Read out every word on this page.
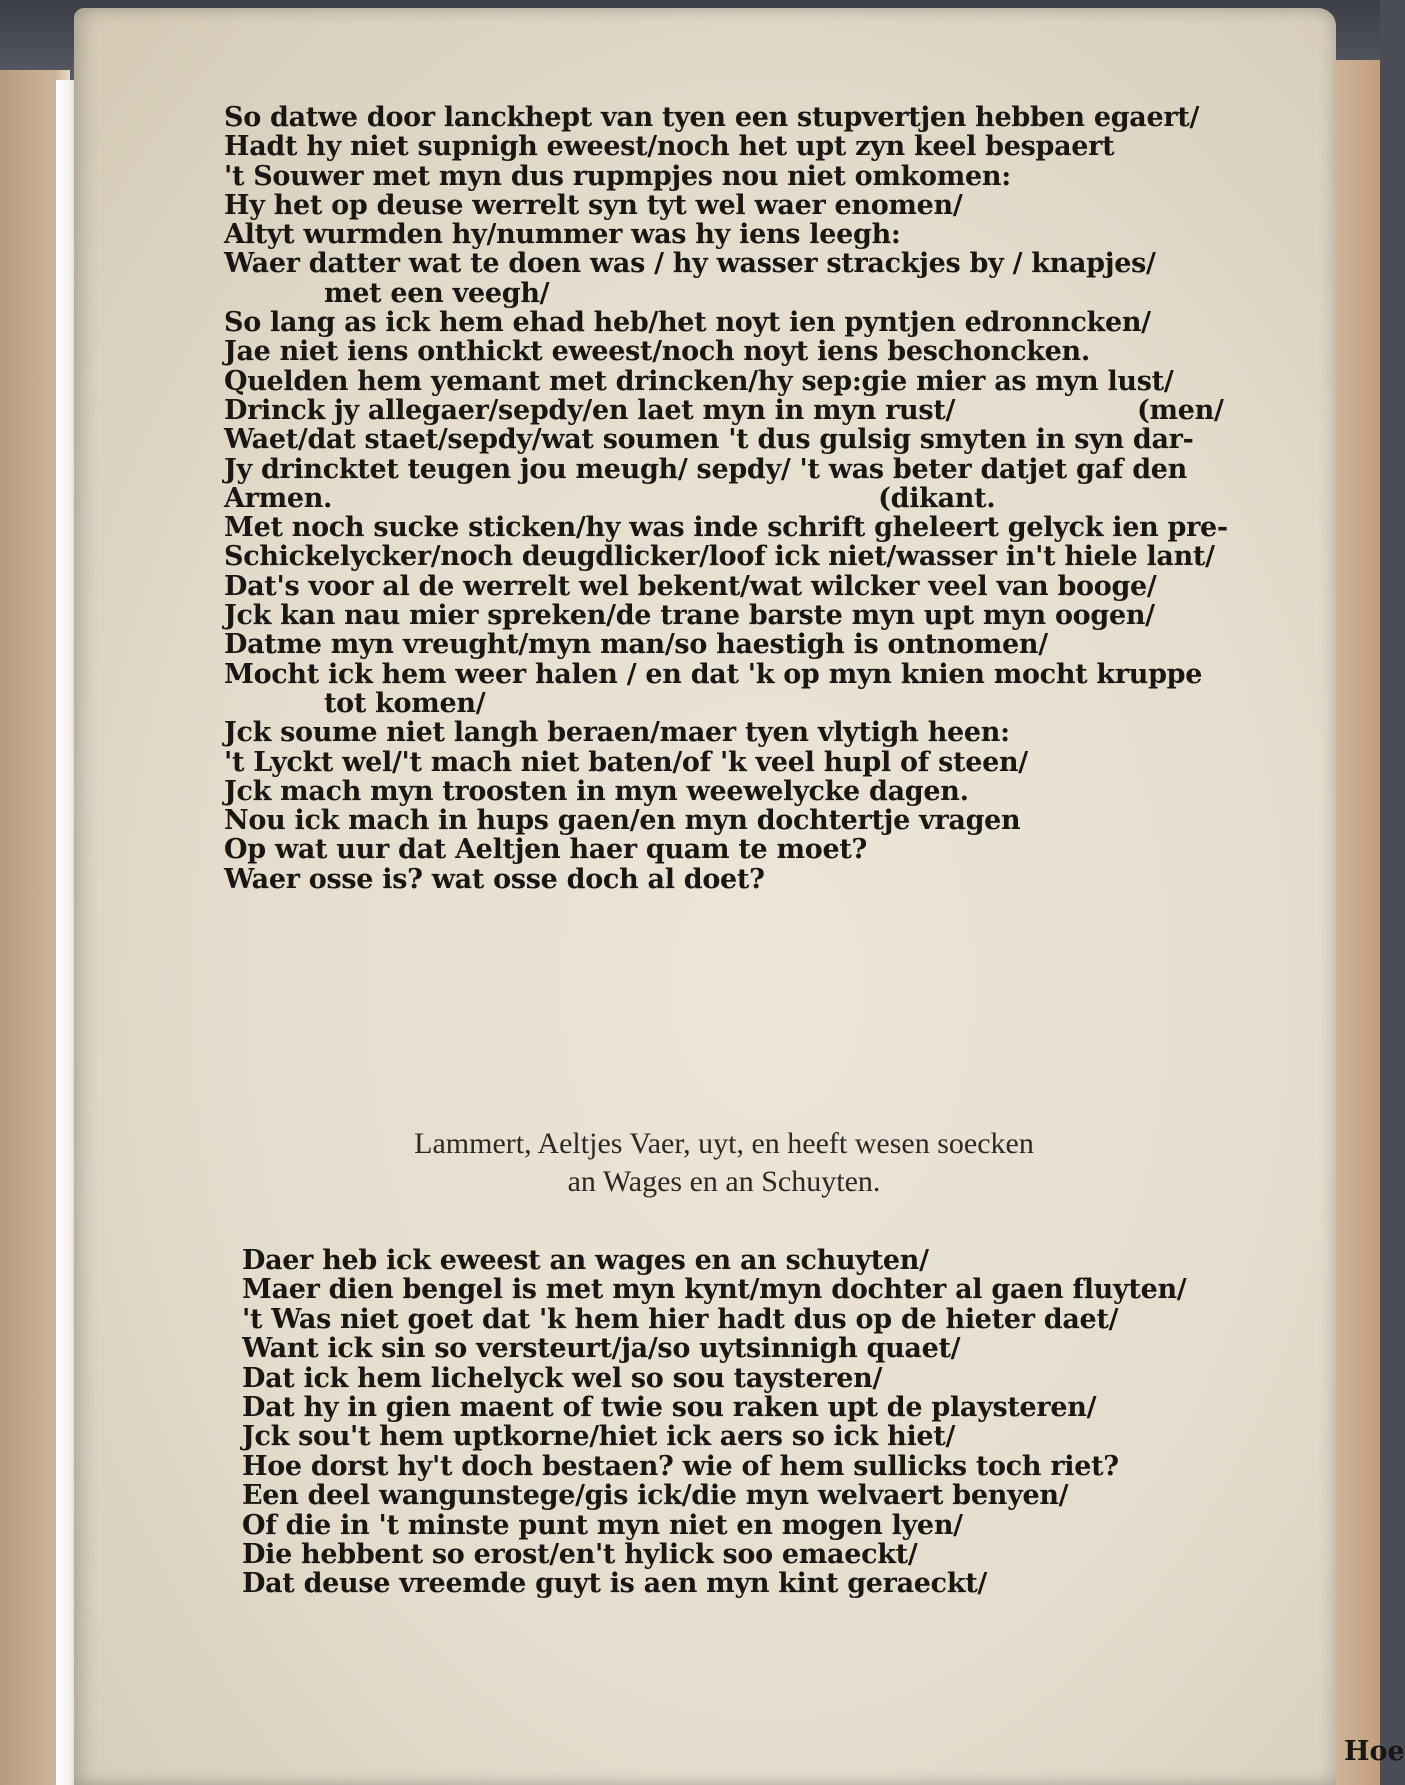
So datwe door lanckhept van tyen een stupvertjen hebben egaert/
Hadt hy niet supnigh eweest/noch het upt zyn keel bespaert
't Souwer met myn dus rupmpjes nou niet omkomen:
Hy het op deuse werrelt syn tyt wel waer enomen/
Altyt wurmden hy/nummer was hy iens leegh:
Waer datter wat te doen was / hy wasser strackjes by / knapjes/
met een veegh/
So lang as ick hem ehad heb/het noyt ien pyntjen edronncken/
Jae niet iens onthickt eweest/noch noyt iens beschoncken.
Quelden hem yemant met drincken/hy sep:gie mier as myn lust/
Drinck jy allegaer/sepdy/en laet myn in myn rust/                    (men/
Waet/dat staet/sepdy/wat soumen 't dus gulsig smyten in syn dar-
Jy drincktet teugen jou meugh/ sepdy/ 't was beter datjet gaf den
Armen.                                                            (dikant.
Met noch sucke sticken/hy was inde schrift gheleert gelyck ien pre-
Schickelycker/noch deugdlicker/loof ick niet/wasser in't hiele lant/
Dat's voor al de werrelt wel bekent/wat wilcker veel van booge/
Jck kan nau mier spreken/de trane barste myn upt myn oogen/
Datme myn vreught/myn man/so haestigh is ontnomen/
Mocht ick hem weer halen / en dat 'k op myn knien mocht kruppe
tot komen/
Jck soume niet langh beraen/maer tyen vlytigh heen:
't Lyckt wel/'t mach niet baten/of 'k veel hupl of steen/
Jck mach myn troosten in myn weewelycke dagen.
Nou ick mach in hups gaen/en myn dochtertje vragen
Op wat uur dat Aeltjen haer quam te moet?
Waer osse is? wat osse doch al doet?
Lammert, Aeltjes Vaer, uyt, en heeft wesen soecken
an Wages en an Schuyten.
Daer heb ick eweest an wages en an schuyten/
Maer dien bengel is met myn kynt/myn dochter al gaen fluyten/
't Was niet goet dat 'k hem hier hadt dus op de hieter daet/
Want ick sin so versteurt/ja/so uytsinnigh quaet/
Dat ick hem lichelyck wel so sou taysteren/
Dat hy in gien maent of twie sou raken upt de playsteren/
Jck sou't hem uptkorne/hiet ick aers so ick hiet/
Hoe dorst hy't doch bestaen? wie of hem sullicks toch riet?
Een deel wangunstege/gis ick/die myn welvaert benyen/
Of die in 't minste punt myn niet en mogen lyen/
Die hebbent so erost/en't hylick soo emaeckt/
Dat deuse vreemde guyt is aen myn kint geraeckt/
Hoe
